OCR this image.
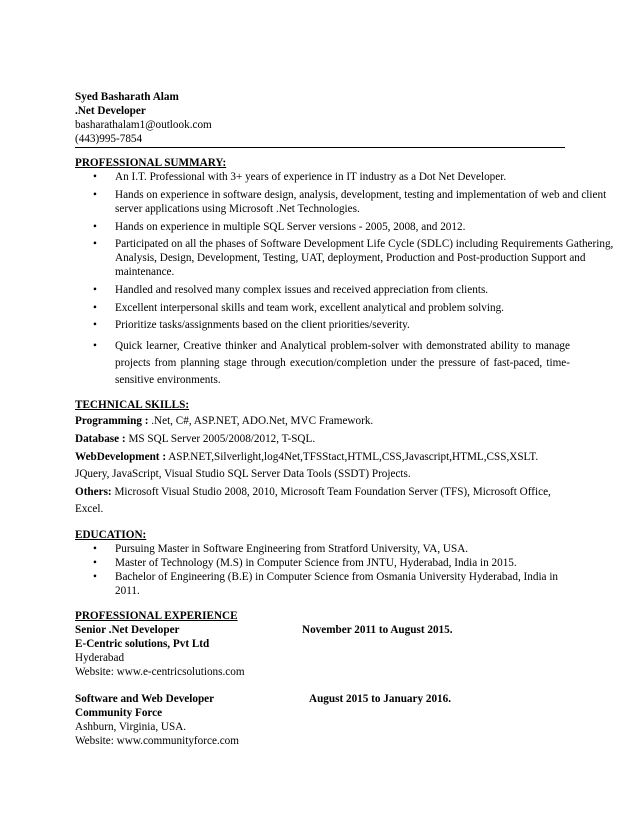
Syed Basharath Alam
.Net Developer
basharathalam1@outlook.com
(443)995-7854
PROFESSIONAL SUMMARY:
• An I.T. Professional with 3+ years of experience in IT industry as a Dot Net Developer.
• Hands on experience in software design, analysis, development, testing and implementation of web and client server applications using Microsoft .Net Technologies.
• Hands on experience in multiple SQL Server versions - 2005, 2008, and 2012.
• Participated on all the phases of Software Development Life Cycle (SDLC) including Requirements Gathering, Analysis, Design, Development, Testing, UAT, deployment, Production and Post-production Support and maintenance.
• Handled and resolved many complex issues and received appreciation from clients.
• Excellent interpersonal skills and team work, excellent analytical and problem solving.
• Prioritize tasks/assignments based on the client priorities/severity.
• Quick learner, Creative thinker and Analytical problem-solver with demonstrated ability to manage projects from planning stage through execution/completion under the pressure of fast-paced, time-sensitive environments.
TECHNICAL SKILLS:
Programming : .Net, C#, ASP.NET, ADO.Net, MVC Framework.
Database : MS SQL Server 2005/2008/2012, T-SQL.
WebDevelopment : ASP.NET,Silverlight,log4Net,TFSStact,HTML,CSS,Javascript,HTML,CSS,XSLT. JQuery, JavaScript, Visual Studio SQL Server Data Tools (SSDT) Projects.
Others: Microsoft Visual Studio 2008, 2010, Microsoft Team Foundation Server (TFS), Microsoft Office, Excel.
EDUCATION:
• Pursuing Master in Software Engineering from Stratford University, VA, USA.
• Master of Technology (M.S) in Computer Science from JNTU, Hyderabad, India in 2015.
• Bachelor of Engineering (B.E) in Computer Science from Osmania University Hyderabad, India in 2011.
PROFESSIONAL EXPERIENCE
Senior .Net Developer	November 2011 to August 2015.
E-Centric solutions, Pvt Ltd
Hyderabad
Website: www.e-centricsolutions.com
Software and Web Developer	August 2015 to January 2016.
Community Force
Ashburn, Virginia, USA.
Website: www.communityforce.com
